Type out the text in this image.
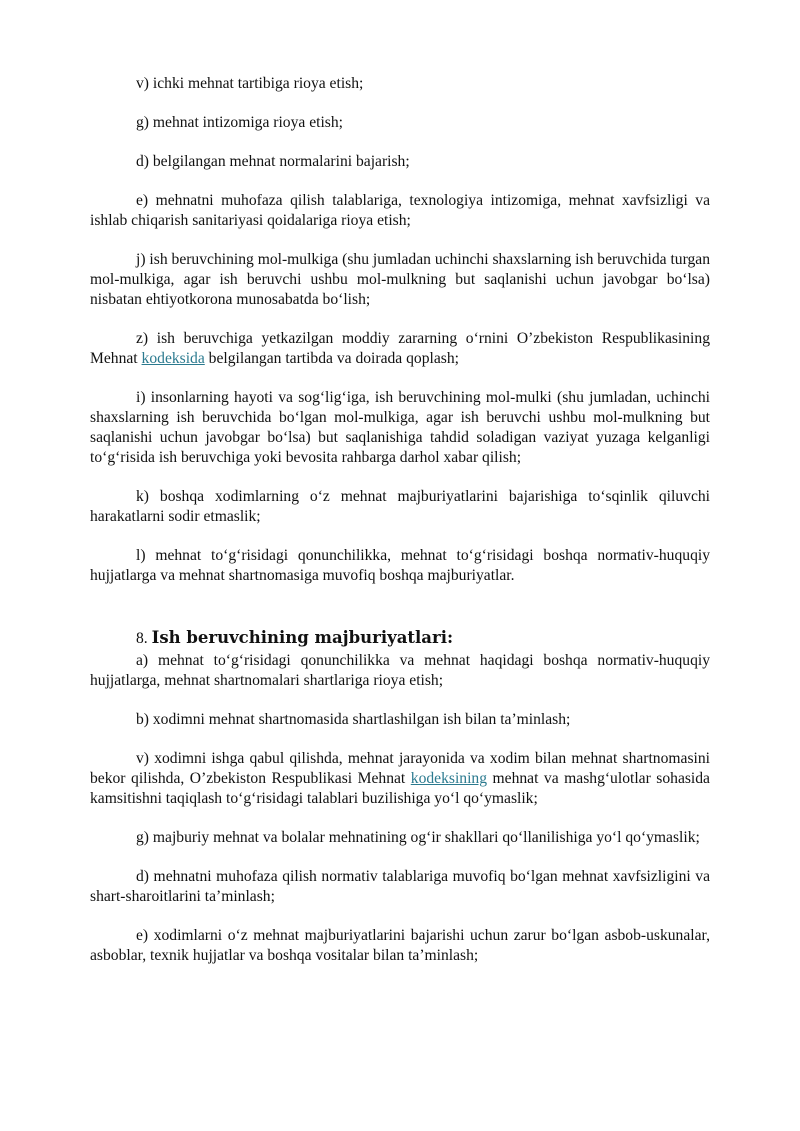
v) ichki mehnat tartibiga rioya etish;

g) mehnat intizomiga rioya etish;

d) belgilangan mehnat normalarini bajarish;

e) mehnatni muhofaza qilish talablariga, texnologiya intizomiga, mehnat xavfsizligi va ishlab chiqarish sanitariyasi qoidalariga rioya etish;

j) ish beruvchining mol-mulkiga (shu jumladan uchinchi shaxslarning ish beruvchida turgan mol-mulkiga, agar ish beruvchi ushbu mol-mulkning but saqlanishi uchun javobgar bo‘lsa) nisbatan ehtiyotkorona munosabatda bo‘lish;

z) ish beruvchiga yetkazilgan moddiy zararning o‘rnini O’zbekiston Respublikasining Mehnat kodeksida belgilangan tartibda va doirada qoplash;

i) insonlarning hayoti va sog‘lig‘iga, ish beruvchining mol-mulki (shu jumladan, uchinchi shaxslarning ish beruvchida bo‘lgan mol-mulkiga, agar ish beruvchi ushbu mol-mulkning but saqlanishi uchun javobgar bo‘lsa) but saqlanishiga tahdid soladigan vaziyat yuzaga kelganligi to‘g‘risida ish beruvchiga yoki bevosita rahbarga darhol xabar qilish;

k) boshqa xodimlarning o‘z mehnat majburiyatlarini bajarishiga to‘sqinlik qiluvchi harakatlarni sodir etmaslik;

l) mehnat to‘g‘risidagi qonunchilikka, mehnat to‘g‘risidagi boshqa normativ-huquqiy hujjatlarga va mehnat shartnomasiga muvofiq boshqa majburiyatlar.

8. Ish beruvchining majburiyatlari:

a) mehnat to‘g‘risidagi qonunchilikka va mehnat haqidagi boshqa normativ-huquqiy hujjatlarga, mehnat shartnomalari shartlariga rioya etish;

b) xodimni mehnat shartnomasida shartlashilgan ish bilan ta’minlash;

v) xodimni ishga qabul qilishda, mehnat jarayonida va xodim bilan mehnat shartnomasini bekor qilishda, O’zbekiston Respublikasi Mehnat kodeksining mehnat va mashg‘ulotlar sohasida kamsitishni taqiqlash to‘g‘risidagi talablari buzilishiga yo‘l qo‘ymaslik;

g) majburiy mehnat va bolalar mehnatining og‘ir shakllari qo‘llanilishiga yo‘l qo‘ymaslik;

d) mehnatni muhofaza qilish normativ talablariga muvofiq bo‘lgan mehnat xavfsizligini va shart-sharoitlarini ta’minlash;

e) xodimlarni o‘z mehnat majburiyatlarini bajarishi uchun zarur bo‘lgan asbob-uskunalar, asboblar, texnik hujjatlar va boshqa vositalar bilan ta’minlash;
